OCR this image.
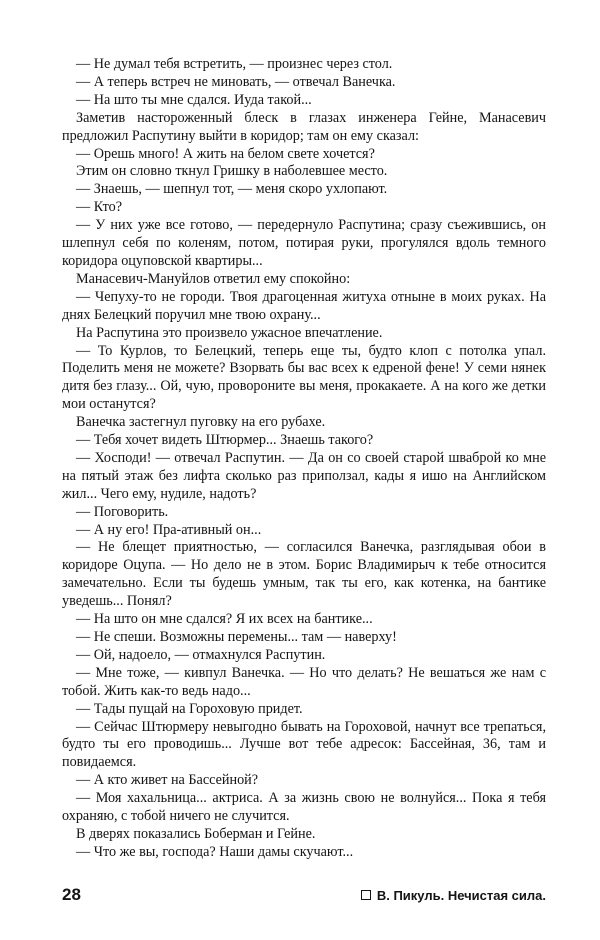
— Не думал тебя встретить, — произнес через стол.

— А теперь встреч не миновать, — отвечал Ванечка.

— На што ты мне сдался. Иуда такой...

Заметив настороженный блеск в глазах инженера Гейне, Манасевич предложил Распутину выйти в коридор; там он ему сказал:

— Орешь много! А жить на белом свете хочется?

Этим он словно ткнул Гришку в наболевшее место.

— Знаешь, — шепнул тот, — меня скоро ухлопают.

— Кто?

— У них уже все готово, — передернуло Распутина; сразу съежившись, он шлепнул себя по коленям, потом, потирая руки, прогулялся вдоль темного коридора оцуповской квартиры...

Манасевич-Мануйлов ответил ему спокойно:

— Чепуху-то не городи. Твоя драгоценная житуха отныне в моих руках. На днях Белецкий поручил мне твою охрану...

На Распутина это произвело ужасное впечатление.

— То Курлов, то Белецкий, теперь еще ты, будто клоп с потолка упал. Поделить меня не можете? Взорвать бы вас всех к едреной фене! У семи нянек дитя без глазу... Ой, чую, проворонитe вы меня, прокакаете. А на кого же детки мои останутся?

Ванечка застегнул пуговку на его рубахе.

— Тебя хочет видеть Штюрмер... Знаешь такого?

— Хосподи! — отвечал Распутин. — Да он со своей старой шваброй ко мне на пятый этаж без лифта сколько раз приползал, кады я ишо на Английском жил... Чего ему, нудиле, надоть?

— Поговорить.

— А ну его! Пра-ативный он...

— Не блещет приятностью, — согласился Ванечка, разглядывая обои в коридоре Оцупа. — Но дело не в этом. Борис Владимирыч к тебе относится замечательно. Если ты будешь умным, так ты его, как котенка, на бантике уведешь... Понял?

— На што он мне сдался? Я их всех на бантике...

— Не спеши. Возможны перемены... там — наверху!

— Ой, надоело, — отмахнулся Распутин.

— Мне тоже, — кивпул Ванечка. — Но что делать? Не вешаться же нам с тобой. Жить как-то ведь надо...

— Тады пущай на Гороховую придет.

— Сейчас Штюрмеру невыгодно бывать на Гороховой, начнут все трепаться, будто ты его проводишь... Лучше вот тебе адресок: Бассейная, 36, там и повидаемся.

— А кто живет на Бассейной?

— Моя хахальница... актриса. А за жизнь свою не волнуйся... Пока я тебя охраняю, с тобой ничего не случится.

В дверях показались Боберман и Гейне.

— Что же вы, господа? Наши дамы скучают...

28	В. Пикуль. Нечистая сила.
